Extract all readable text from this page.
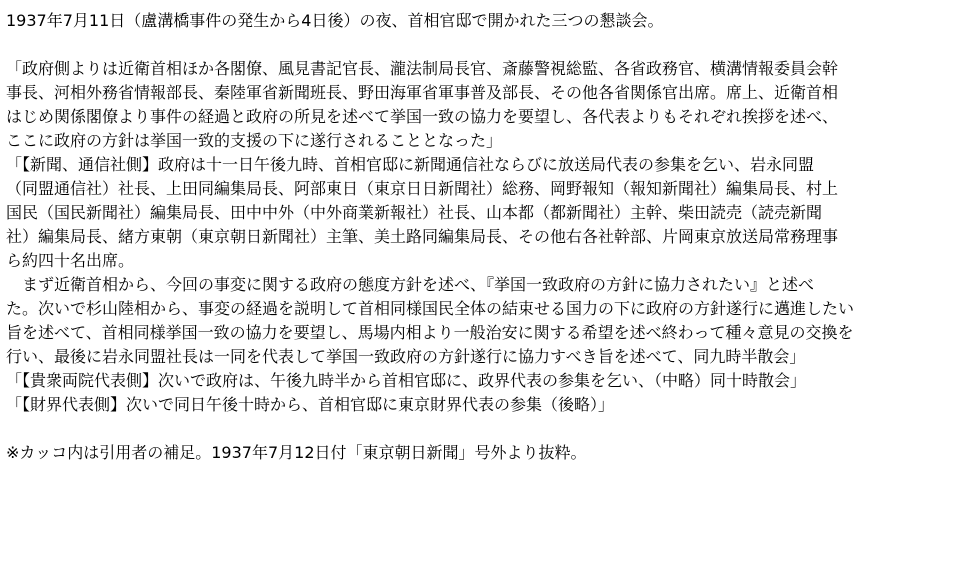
1937年7月11日（盧溝橋事件の発生から4日後）の夜、首相官邸で開かれた三つの懇談会。
「政府側よりは近衛首相ほか各閣僚、風見書記官長、瀧法制局長官、斎藤警視総監、各省政務官、横溝情報委員会幹
事長、河相外務省情報部長、秦陸軍省新聞班長、野田海軍省軍事普及部長、その他各省関係官出席。席上、近衛首相
はじめ関係閣僚より事件の経過と政府の所見を述べて挙国一致の協力を要望し、各代表よりもそれぞれ挨拶を述べ、
ここに政府の方針は挙国一致的支援の下に遂行されることとなった」
「【新聞、通信社側】政府は十一日午後九時、首相官邸に新聞通信社ならびに放送局代表の参集を乞い、岩永同盟
（同盟通信社）社長、上田同編集局長、阿部東日（東京日日新聞社）総務、岡野報知（報知新聞社）編集局長、村上
国民（国民新聞社）編集局長、田中中外（中外商業新報社）社長、山本都（都新聞社）主幹、柴田読売（読売新聞
社）編集局長、緒方東朝（東京朝日新聞社）主筆、美土路同編集局長、その他右各社幹部、片岡東京放送局常務理事
ら約四十名出席。
　まず近衛首相から、今回の事変に関する政府の態度方針を述べ、『挙国一致政府の方針に協力されたい』と述べ
た。次いで杉山陸相から、事変の経過を説明して首相同様国民全体の結束せる国力の下に政府の方針遂行に邁進したい
旨を述べて、首相同様挙国一致の協力を要望し、馬場内相より一般治安に関する希望を述べ終わって種々意見の交換を
行い、最後に岩永同盟社長は一同を代表して挙国一致政府の方針遂行に協力すべき旨を述べて、同九時半散会」
「【貴衆両院代表側】次いで政府は、午後九時半から首相官邸に、政界代表の参集を乞い、（中略）同十時散会」
「【財界代表側】次いで同日午後十時から、首相官邸に東京財界代表の参集（後略）」
※カッコ内は引用者の補足。1937年7月12日付「東京朝日新聞」号外より抜粋。
